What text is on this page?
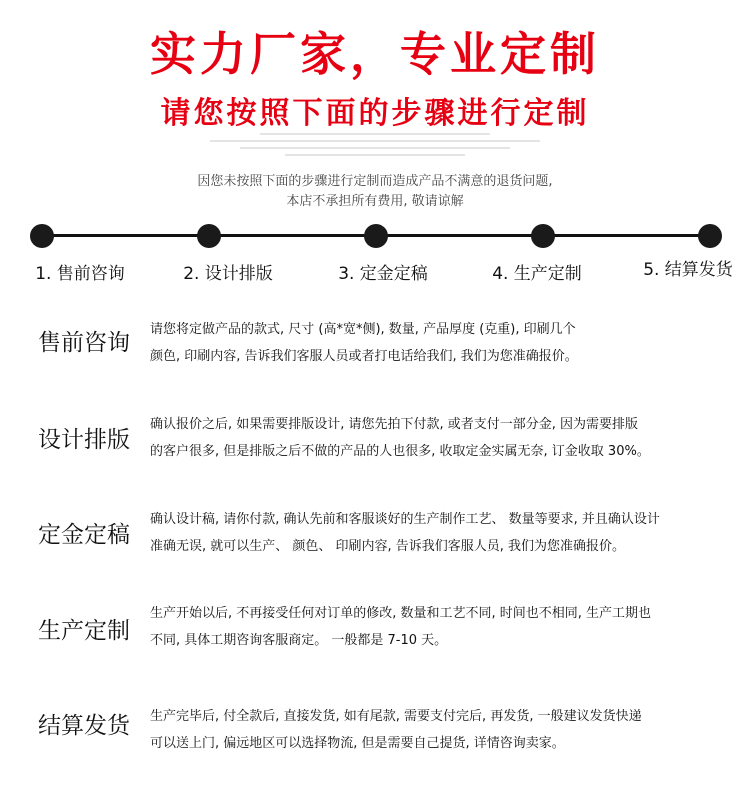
实力厂家，专业定制
请您按照下面的步骤进行定制
因您未按照下面的步骤进行定制而造成产品不满意的退货问题,
本店不承担所有费用, 敬请谅解
1. 售前咨询	2. 设计排版	3. 定金定稿	4. 生产定制	5. 结算发货
售前咨询
请您将定做产品的款式, 尺寸 (高*宽*侧), 数量, 产品厚度 (克重), 印刷几个
颜色, 印刷内容, 告诉我们客服人员或者打电话给我们, 我们为您准确报价。
设计排版
确认报价之后, 如果需要排版设计, 请您先拍下付款, 或者支付一部分金, 因为需要排版
的客户很多, 但是排版之后不做的产品的人也很多, 收取定金实属无奈, 订金收取 30%。
定金定稿
确认设计稿, 请你付款, 确认先前和客服谈好的生产制作工艺、 数量等要求, 并且确认设计
准确无误, 就可以生产、 颜色、 印刷内容, 告诉我们客服人员, 我们为您准确报价。
生产定制
生产开始以后, 不再接受任何对订单的修改, 数量和工艺不同, 时间也不相同, 生产工期也
不同, 具体工期咨询客服商定。 一般都是 7-10 天。
结算发货 生产完毕后, 付全款后, 直接发货, 如有尾款, 需要支付完后, 再发货, 一般建议发货快递
可以送上门, 偏远地区可以选择物流, 但是需要自己提货, 详情咨询卖家。
